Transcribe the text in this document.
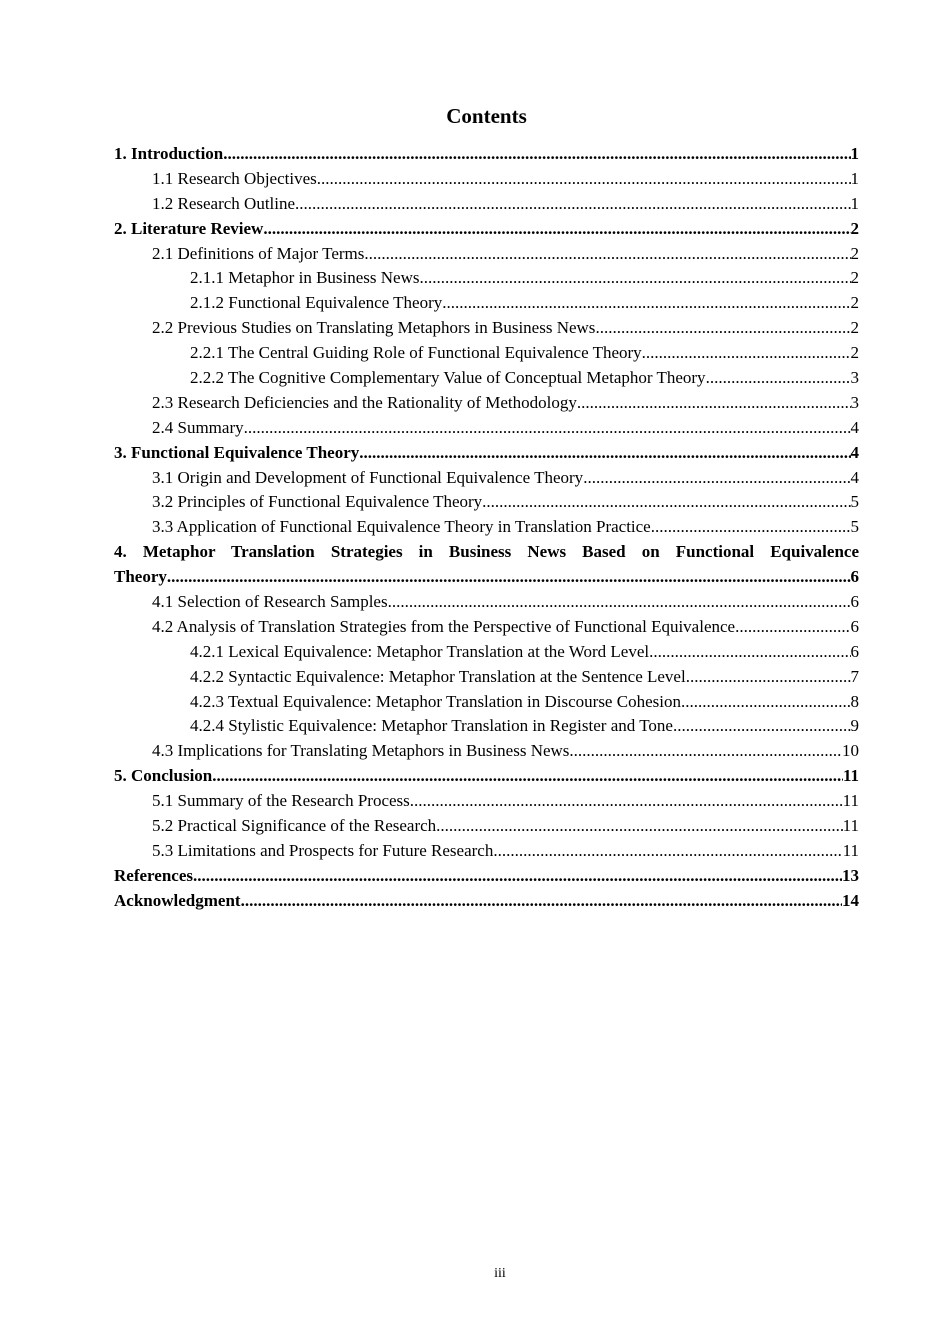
Contents
1. Introduction .....	1
1.1 Research Objectives .....	1
1.2 Research Outline .....	1
2. Literature Review .....	2
2.1 Definitions of Major Terms .....	2
2.1.1 Metaphor in Business News .....	2
2.1.2 Functional Equivalence Theory .....	2
2.2 Previous Studies on Translating Metaphors in Business News .....	2
2.2.1 The Central Guiding Role of Functional Equivalence Theory .....	2
2.2.2 The Cognitive Complementary Value of Conceptual Metaphor Theory .....	3
2.3 Research Deficiencies and the Rationality of Methodology .....	3
2.4 Summary .....	4
3. Functional Equivalence Theory .....	4
3.1 Origin and Development of Functional Equivalence Theory .....	4
3.2 Principles of Functional Equivalence Theory .....	5
3.3 Application of Functional Equivalence Theory in Translation Practice .....	5
4. Metaphor Translation Strategies in Business News Based on Functional Equivalence
Theory .....	6
4.1 Selection of Research Samples .....	6
4.2 Analysis of Translation Strategies from the Perspective of Functional Equivalence .....	6
4.2.1 Lexical Equivalence: Metaphor Translation at the Word Level .....	6
4.2.2 Syntactic Equivalence: Metaphor Translation at the Sentence Level .....	7
4.2.3 Textual Equivalence: Metaphor Translation in Discourse Cohesion .....	8
4.2.4 Stylistic Equivalence: Metaphor Translation in Register and Tone .....	9
4.3 Implications for Translating Metaphors in Business News .....	10
5. Conclusion .....	11
5.1 Summary of the Research Process .....	11
5.2 Practical Significance of the Research .....	11
5.3 Limitations and Prospects for Future Research .....	11
References .....	13
Acknowledgment .....	14
iii
